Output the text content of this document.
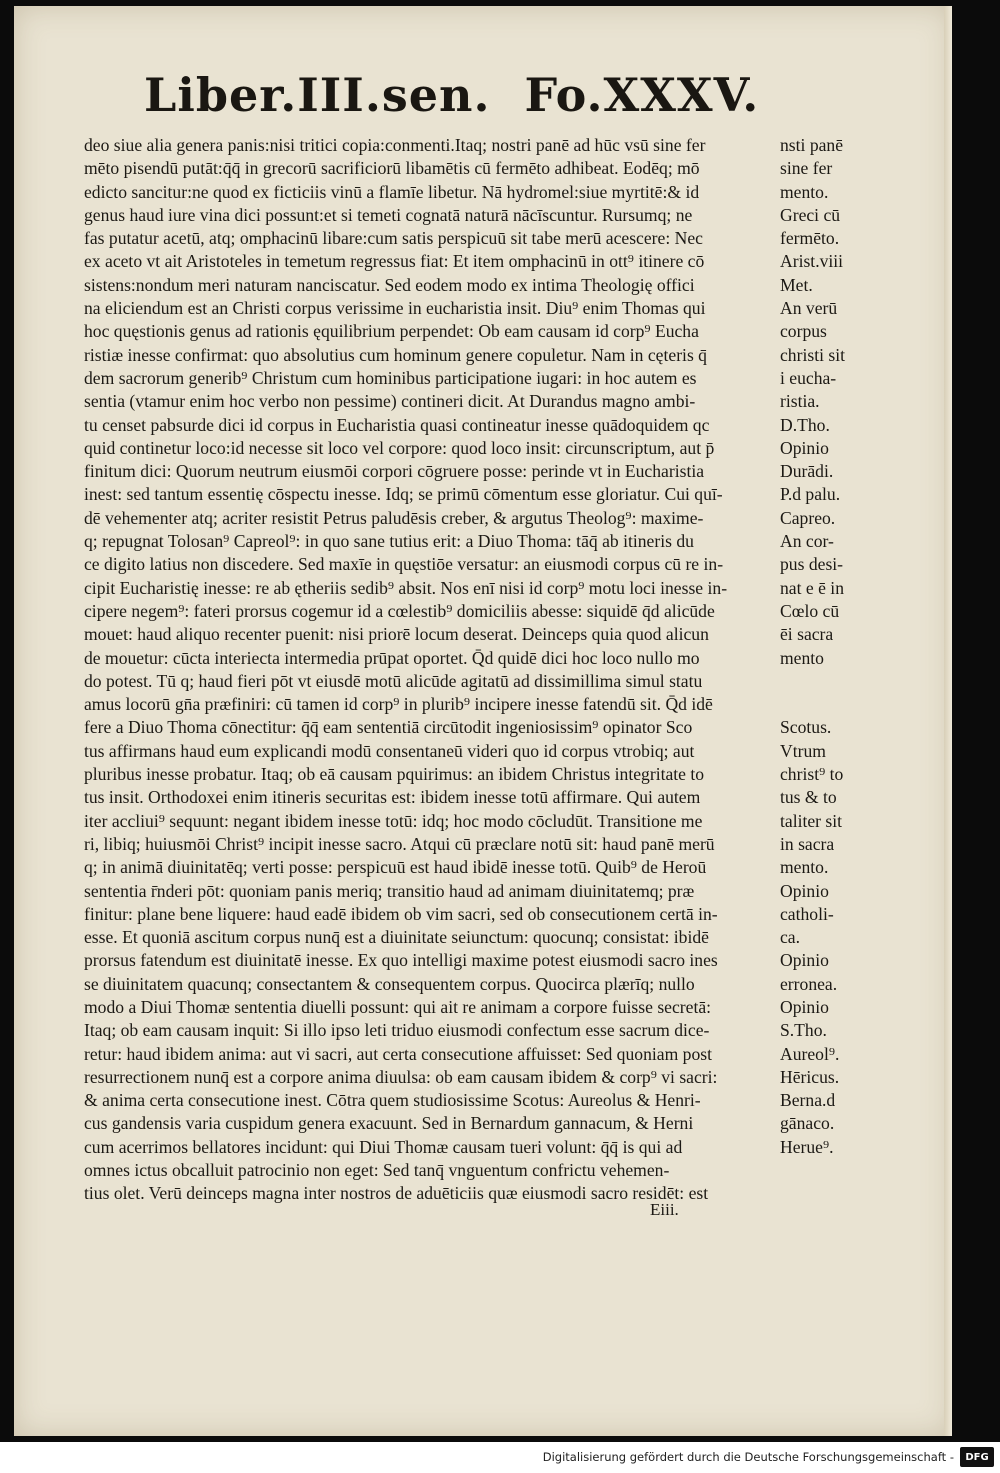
Liber.III.sen. Fo.XXXV.
deo siue alia genera panis:nisi tritici copia:conmenti.Itaq; nostri panē ad hūc vsū sine fer
mēto pisendū putāt:q̄q̄ in grecorū sacrificiorū libamētis cū fermēto adhibeat. Eodēq; mō
edicto sancitur:ne quod ex ficticiis vinū a flamīe libetur. Nā hydromel:siue myrtitē:& id
genus haud iure vina dici possunt:et si temeti cognatā naturā nācīscuntur. Rursumq; ne
fas putatur acetū, atq; omphacinū libare:cum satis perspicuū sit tabe merū acescere: Nec
ex aceto vt ait Aristoteles in temetum regressus fiat: Et item omphacinū in ott⁹ itinere cō
sistens:nondum meri naturam nanciscatur. Sed eodem modo ex intima Theologię offici
na eliciendum est an Christi corpus verissime in eucharistia insit. Diu⁹ enim Thomas qui
hoc quęstionis genus ad rationis ęquilibrium perpendet: Ob eam causam id corp⁹ Eucha
ristiæ inesse confirmat: quo absolutius cum hominum genere copuletur. Nam in cęteris q̄
dem sacrorum generib⁹ Christum cum hominibus participatione iugari: in hoc autem es
sentia (vtamur enim hoc verbo non pessime) contineri dicit. At Durandus magno ambi-
tu censet pabsurde dici id corpus in Eucharistia quasi contineatur inesse quādoquidem qc
quid continetur loco:id necesse sit loco vel corpore: quod loco insit: circunscriptum, aut p̄
finitum dici: Quorum neutrum eiusmōi corpori cōgruere posse: perinde vt in Eucharistia
inest: sed tantum essentię cōspectu inesse. Idq; se primū cōmentum esse gloriatur. Cui quī-
dē vehementer atq; acriter resistit Petrus paludēsis creber, & argutus Theolog⁹: maxime-
q; repugnat Tolosan⁹ Capreol⁹: in quo sane tutius erit: a Diuo Thoma: tāq̄ ab itineris du
ce digito latius non discedere. Sed maxīe in quęstiōe versatur: an eiusmodi corpus cū re in-
cipit Eucharistię inesse: re ab ętheriis sedib⁹ absit. Nos enī nisi id corp⁹ motu loci inesse in-
cipere negem⁹: fateri prorsus cogemur id a cœlestib⁹ domiciliis abesse: siquidē q̄d alicūde
mouet: haud aliquo recenter puenit: nisi priorē locum deserat. Deinceps quia quod alicun
de mouetur: cūcta interiecta intermedia prūpat oportet. Q̄d quidē dici hoc loco nullo mo
do potest. Tū q; haud fieri pōt vt eiusdē motū alicūde agitatū ad dissimillima simul statu
amus locorū gn̄a præfiniri: cū tamen id corp⁹ in plurib⁹ incipere inesse fatendū sit. Q̄d idē
fere a Diuo Thoma cōnectitur: q̄q̄ eam sententiā circūtodit ingeniosissim⁹ opinator Sco
tus affirmans haud eum explicandi modū consentaneū videri quo id corpus vtrobiq; aut
pluribus inesse probatur. Itaq; ob eā causam pquirimus: an ibidem Christus integritate to
tus insit. Orthodoxei enim itineris securitas est: ibidem inesse totū affirmare. Qui autem
iter accliui⁹ sequunt: negant ibidem inesse totū: idq; hoc modo cōcludūt. Transitione me
ri, libiq; huiusmōi Christ⁹ incipit inesse sacro. Atqui cū præclare notū sit: haud panē merū
q; in animā diuinitatēq; verti posse: perspicuū est haud ibidē inesse totū. Quib⁹ de Heroū
sententia r̄nderi pōt: quoniam panis meriq; transitio haud ad animam diuinitatemq; præ
finitur: plane bene liquere: haud eadē ibidem ob vim sacri, sed ob consecutionem certā in-
esse. Et quoniā ascitum corpus nunq̄ est a diuinitate seiunctum: quocunq; consistat: ibidē
prorsus fatendum est diuinitatē inesse. Ex quo intelligi maxime potest eiusmodi sacro ines
se diuinitatem quacunq; consectantem & consequentem corpus. Quocirca plærīq; nullo
modo a Diui Thomæ sententia diuelli possunt: qui ait re animam a corpore fuisse secretā:
Itaq; ob eam causam inquit: Si illo ipso leti triduo eiusmodi confectum esse sacrum dice-
retur: haud ibidem anima: aut vi sacri, aut certa consecutione affuisset: Sed quoniam post
resurrectionem nunq̄ est a corpore anima diuulsa: ob eam causam ibidem & corp⁹ vi sacri:
& anima certa consecutione inest. Cōtra quem studiosissime Scotus: Aureolus & Henri-
cus gandensis varia cuspidum genera exacuunt. Sed in Bernardum gannacum, & Herni
cum acerrimos bellatores incidunt: qui Diui Thomæ causam tueri volunt: q̄q̄ is qui ad
omnes ictus obcalluit patrocinio non eget: Sed tanq̄ vnguentum confrictu vehemen-
tius olet. Verū deinceps magna inter nostros de aduēticiis quæ eiusmodi sacro residēt: est
nsti panē
sine fer
mento.
Greci cū
fermēto.
Arist.viii
Met.
An verū
corpus
christi sit
i eucha-
ristia.
D.Tho.
Opinio
Durādi.
P.d palu.
Capreo.
An cor-
pus desi-
nat e ē in
Cœlo cū
ēi sacra
mento
Scotus.
Vtrum
christ⁹ to
tus & to
taliter sit
in sacra
mento.
Opinio
catholi-
ca.
Opinio
erronea.
Opinio
S.Tho.
Aureol⁹.
Hēricus.
Berna.d
gānaco.
Herue⁹.
Eiii.
Digitalisierung gefördert durch die Deutsche Forschungsgemeinschaft -	DFG
